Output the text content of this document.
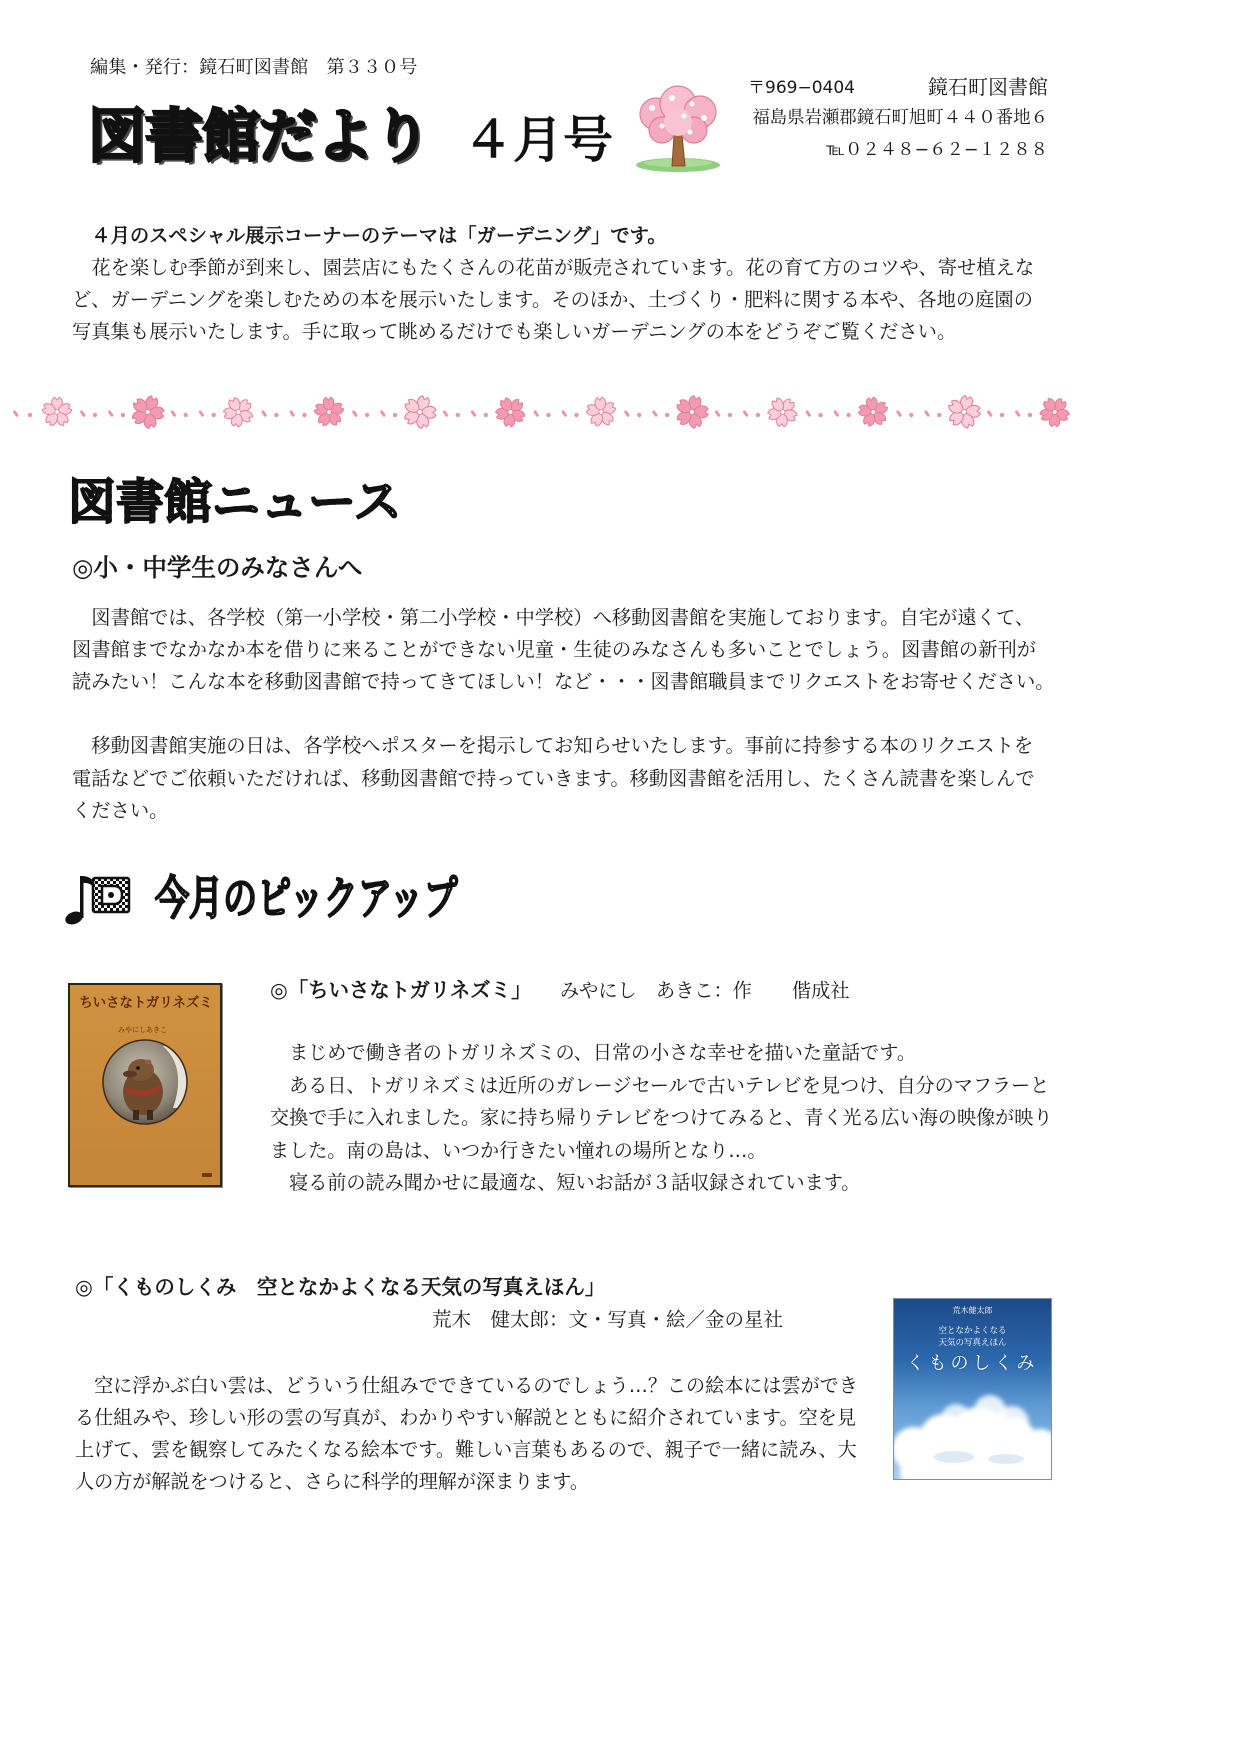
編集・発行：鏡石町図書館　第３３０号
図書館だより ４月号
〒969−0404	鏡石町図書館
福島県岩瀬郡鏡石町旭町４４０番地６
℡０２４８−６２−１２８８
４月のスペシャル展示コーナーのテーマは「ガーデニング」です。
花を楽しむ季節が到来し、園芸店にもたくさんの花苗が販売されています。花の育て方のコツや、寄せ植えな
ど、ガーデニングを楽しむための本を展示いたします。そのほか、土づくり・肥料に関する本や、各地の庭園の
写真集も展示いたします。手に取って眺めるだけでも楽しいガーデニングの本をどうぞご覧ください。
図書館ニュース
◎小・中学生のみなさんへ
図書館では、各学校（第一小学校・第二小学校・中学校）へ移動図書館を実施しております。自宅が遠くて、
図書館までなかなか本を借りに来ることができない児童・生徒のみなさんも多いことでしょう。図書館の新刊が
読みたい！こんな本を移動図書館で持ってきてほしい！など・・・図書館職員までリクエストをお寄せください。
移動図書館実施の日は、各学校へポスターを掲示してお知らせいたします。事前に持参する本のリクエストを
電話などでご依頼いただければ、移動図書館で持っていきます。移動図書館を活用し、たくさん読書を楽しんで
ください。
今月のピックアップ
ちいさなトガリネズミ
みやにしあきこ
◎「ちいさなトガリネズミ」 みやにし　あきこ：作 偕成社
まじめで働き者のトガリネズミの、日常の小さな幸せを描いた童話です。
ある日、トガリネズミは近所のガレージセールで古いテレビを見つけ、自分のマフラーと
交換で手に入れました。家に持ち帰りテレビをつけてみると、青く光る広い海の映像が映り
ました。南の島は、いつか行きたい憧れの場所となり…。
寝る前の読み聞かせに最適な、短いお話が３話収録されています。
◎「くものしくみ　空となかよくなる天気の写真えほん」
荒木　健太郎：文・写真・絵／金の星社
空に浮かぶ白い雲は、どういう仕組みでできているのでしょう…？この絵本には雲ができ
る仕組みや、珍しい形の雲の写真が、わかりやすい解説とともに紹介されています。空を見
上げて、雲を観察してみたくなる絵本です。難しい言葉もあるので、親子で一緒に読み、大
人の方が解説をつけると、さらに科学的理解が深まります。
荒木健太郎
空となかよくなる
天気の写真えほん
くものしくみ
